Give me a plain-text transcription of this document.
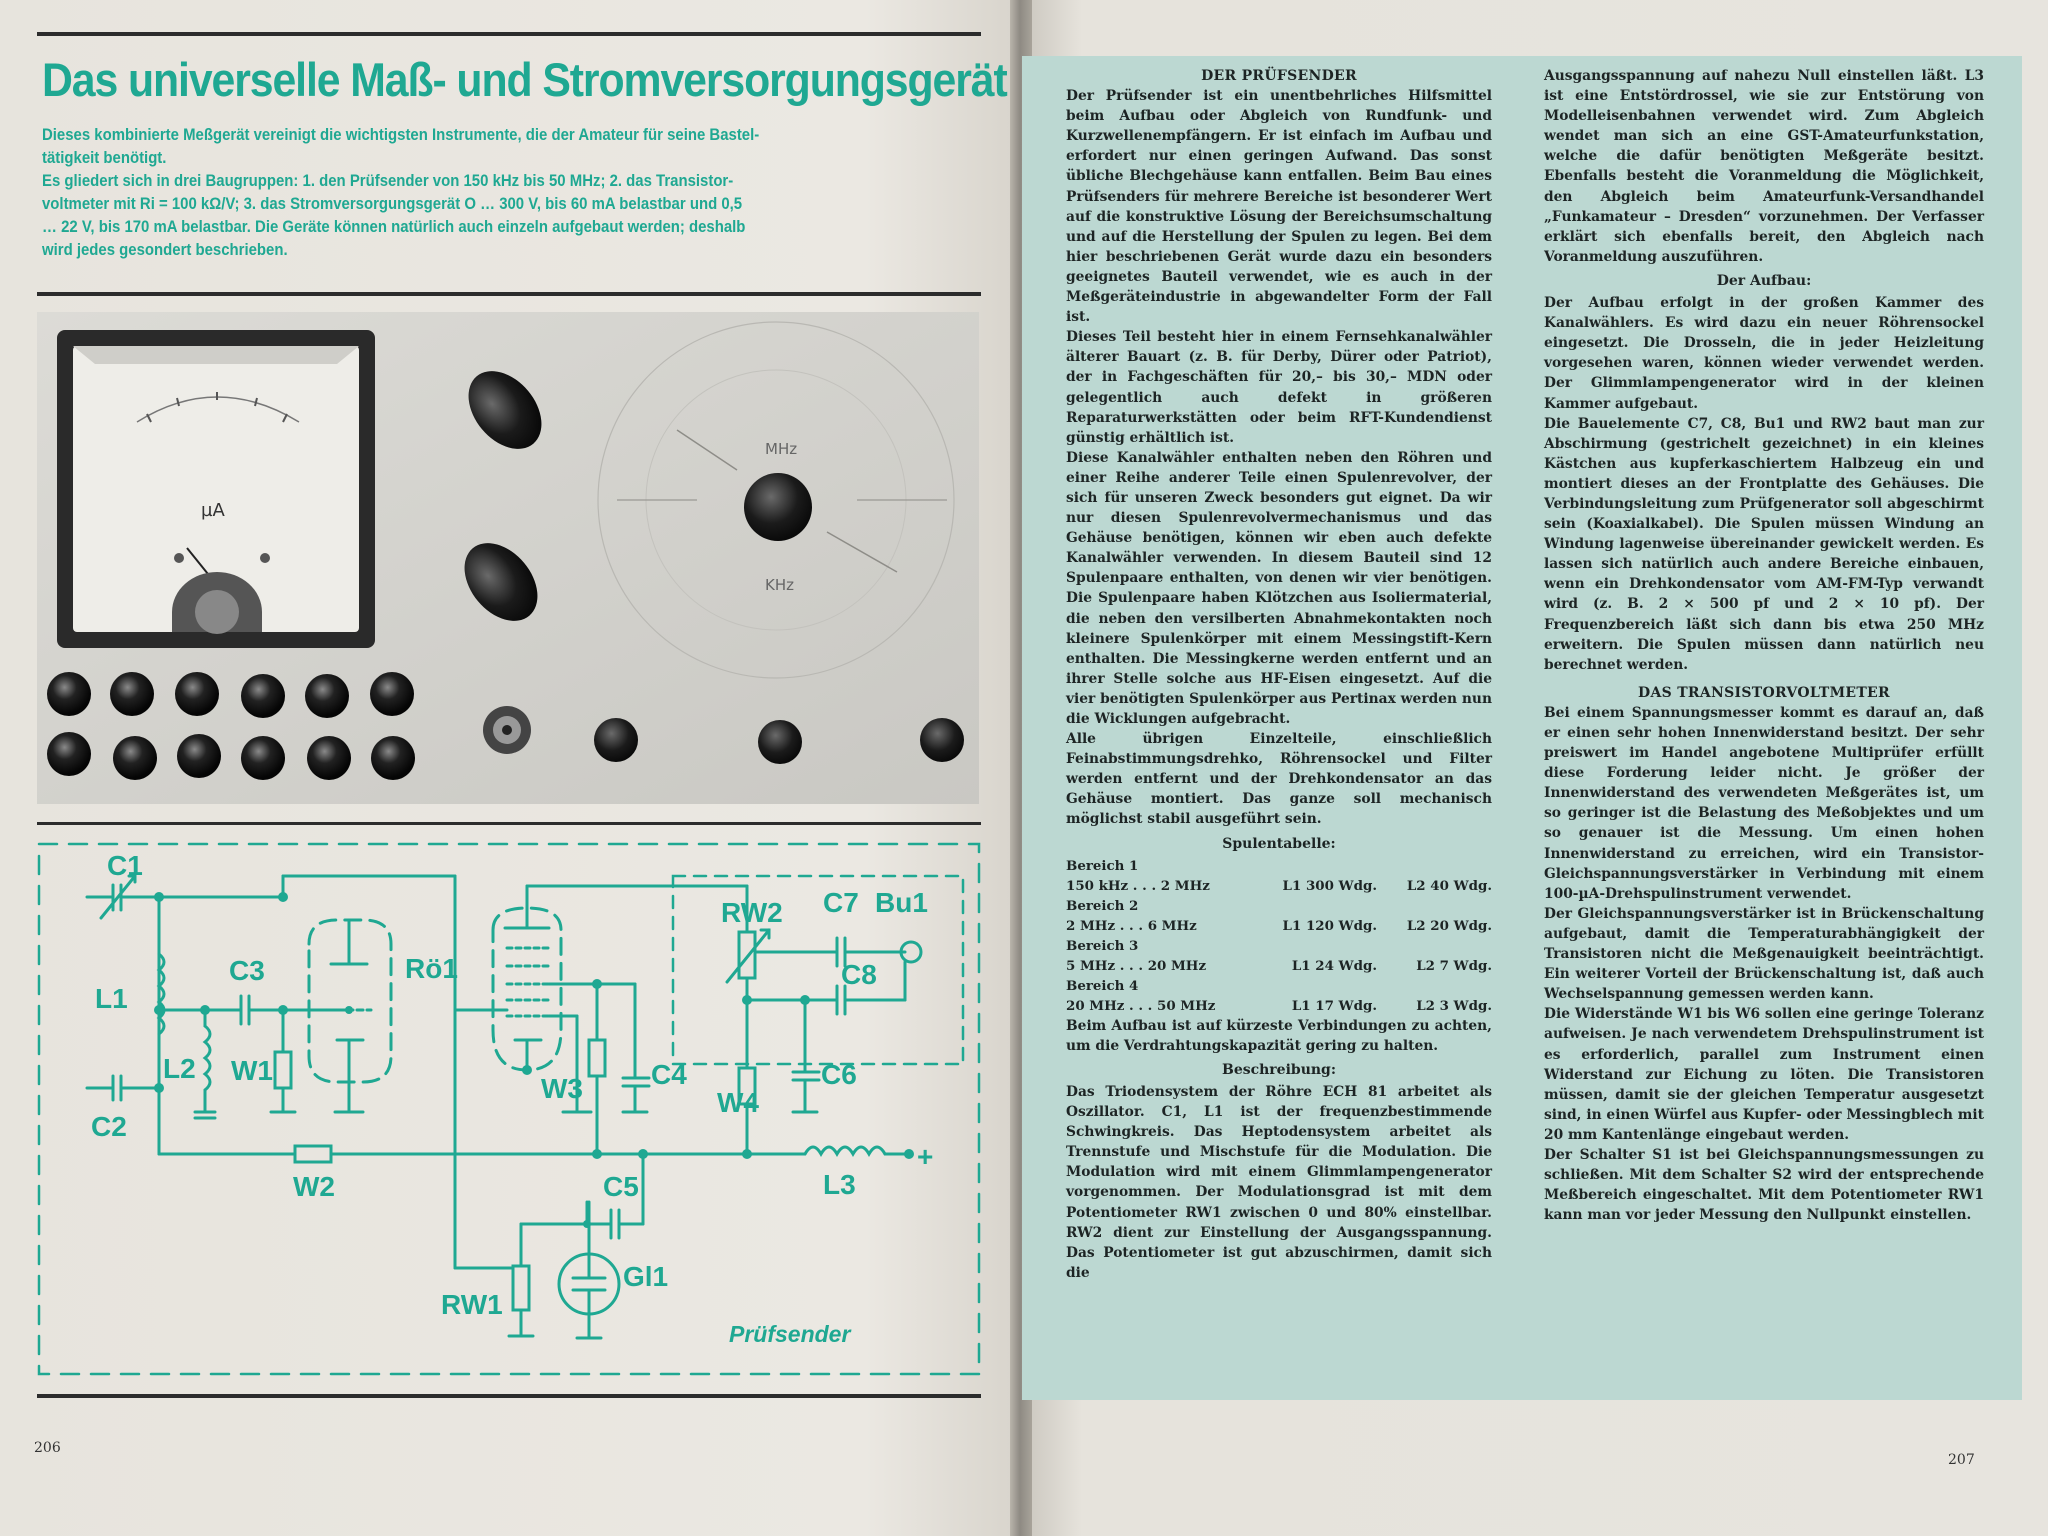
Das universelle Maß- und Stromversorgungsgerät

Dieses kombinierte Meßgerät vereinigt die wichtigsten Instrumente, die der Amateur für seine Bastel-

tätigkeit benötigt.

Es gliedert sich in drei Baugruppen: 1. den Prüfsender von 150 kHz bis 50 MHz; 2. das Transistor-

voltmeter mit Ri = 100 kΩ/V; 3. das Stromversorgungsgerät O … 300 V, bis 60 mA belastbar und 0,5

… 22 V, bis 170 mA belastbar. Die Geräte können natürlich auch einzeln aufgebaut werden; deshalb

wird jedes gesondert beschrieben.

µA
MHz
KHz
C1
L1
C2
C3
L2 W1
Rö1
W2
W3 C4
RW2 C7 Bu1
C8
C6
W4
C5
RW1
Gl1
L3
+
Prüfsender
206
DER PRÜFSENDER

Der Prüfsender ist ein unentbehrliches Hilfsmittel beim Aufbau oder Abgleich von Rundfunk- und Kurzwellenempfängern. Er ist einfach im Aufbau und erfordert nur einen geringen Aufwand. Das sonst übliche Blechgehäuse kann entfallen. Beim Bau eines Prüfsenders für mehrere Bereiche ist besonderer Wert auf die konstruktive Lösung der Bereichsumschaltung und auf die Herstellung der Spulen zu legen. Bei dem hier beschriebenen Gerät wurde dazu ein besonders geeignetes Bauteil verwendet, wie es auch in der Meßgeräteindustrie in abgewandelter Form der Fall ist.

Dieses Teil besteht hier in einem Fernsehkanalwähler älterer Bauart (z. B. für Derby, Dürer oder Patriot), der in Fachgeschäften für 20,– bis 30,– MDN oder gelegentlich auch defekt in größeren Reparaturwerkstätten oder beim RFT-Kundendienst günstig erhältlich ist.

Diese Kanalwähler enthalten neben den Röhren und einer Reihe anderer Teile einen Spulenrevolver, der sich für unseren Zweck besonders gut eignet. Da wir nur diesen Spulenrevolvermechanismus und das Gehäuse benötigen, können wir eben auch defekte Kanalwähler verwenden. In diesem Bauteil sind 12 Spulenpaare enthalten, von denen wir vier benötigen. Die Spulenpaare haben Klötzchen aus Isoliermaterial, die neben den versilberten Abnahmekontakten noch kleinere Spulenkörper mit einem Messingstift-Kern enthalten. Die Messingkerne werden entfernt und an ihrer Stelle solche aus HF-Eisen eingesetzt. Auf die vier benötigten Spulenkörper aus Pertinax werden nun die Wicklungen aufgebracht.

Alle übrigen Einzelteile, einschließlich Feinabstimmungsdrehko, Röhrensockel und Filter werden entfernt und der Drehkondensator an das Gehäuse montiert. Das ganze soll mechanisch möglichst stabil ausgeführt sein.

Spulentabelle:
Bereich 1		
150 kHz . . . 2 MHz	L1 300 Wdg.	L2 40 Wdg.
Bereich 2		
2 MHz . . . 6 MHz	L1 120 Wdg.	L2 20 Wdg.
Bereich 3		
5 MHz . . . 20 MHz	L1 24 Wdg.	L2 7 Wdg.
Bereich 4		
20 MHz . . . 50 MHz	L1 17 Wdg.	L2 3 Wdg.

Beim Aufbau ist auf kürzeste Verbindungen zu achten, um die Verdrahtungskapazität gering zu halten.

Beschreibung:

Das Triodensystem der Röhre ECH 81 arbeitet als Oszillator. C1, L1 ist der frequenzbestimmende Schwingkreis. Das Heptodensystem arbeitet als Trennstufe und Mischstufe für die Modulation. Die Modulation wird mit einem Glimmlampengenerator vorgenommen. Der Modulationsgrad ist mit dem Potentiometer RW1 zwischen 0 und 80% einstellbar. RW2 dient zur Einstellung der Ausgangsspannung. Das Potentiometer ist gut abzuschirmen, damit sich die

Ausgangsspannung auf nahezu Null einstellen läßt. L3 ist eine Entstördrossel, wie sie zur Entstörung von Modelleisenbahnen verwendet wird. Zum Abgleich wendet man sich an eine GST-Amateurfunkstation, welche die dafür benötigten Meßgeräte besitzt. Ebenfalls besteht die Voranmeldung die Möglichkeit, den Abgleich beim Amateurfunk-Versandhandel „Funkamateur – Dresden“ vorzunehmen. Der Verfasser erklärt sich ebenfalls bereit, den Abgleich nach Voranmeldung auszuführen.

Der Aufbau:

Der Aufbau erfolgt in der großen Kammer des Kanalwählers. Es wird dazu ein neuer Röhrensockel eingesetzt. Die Drosseln, die in jeder Heizleitung vorgesehen waren, können wieder verwendet werden. Der Glimmlampengenerator wird in der kleinen Kammer aufgebaut.

Die Bauelemente C7, C8, Bu1 und RW2 baut man zur Abschirmung (gestrichelt gezeichnet) in ein kleines Kästchen aus kupferkaschiertem Halbzeug ein und montiert dieses an der Frontplatte des Gehäuses. Die Verbindungsleitung zum Prüfgenerator soll abgeschirmt sein (Koaxialkabel). Die Spulen müssen Windung an Windung lagenweise übereinander gewickelt werden. Es lassen sich natürlich auch andere Bereiche einbauen, wenn ein Drehkondensator vom AM-FM-Typ verwandt wird (z. B. 2 × 500 pf und 2 × 10 pf). Der Frequenzbereich läßt sich dann bis etwa 250 MHz erweitern. Die Spulen müssen dann natürlich neu berechnet werden.

DAS TRANSISTORVOLTMETER

Bei einem Spannungsmesser kommt es darauf an, daß er einen sehr hohen Innenwiderstand besitzt. Der sehr preiswert im Handel angebotene Multiprüfer erfüllt diese Forderung leider nicht. Je größer der Innenwiderstand des verwendeten Meßgerätes ist, um so geringer ist die Belastung des Meßobjektes und um so genauer ist die Messung. Um einen hohen Innenwiderstand zu erreichen, wird ein Transistor-Gleichspannungsverstärker in Verbindung mit einem 100-µA-Drehspulinstrument verwendet.

Der Gleichspannungsverstärker ist in Brückenschaltung aufgebaut, damit die Temperaturabhängigkeit der Transistoren nicht die Meßgenauigkeit beeinträchtigt. Ein weiterer Vorteil der Brückenschaltung ist, daß auch Wechselspannung gemessen werden kann.

Die Widerstände W1 bis W6 sollen eine geringe Toleranz aufweisen. Je nach verwendetem Drehspulinstrument ist es erforderlich, parallel zum Instrument einen Widerstand zur Eichung zu löten. Die Transistoren müssen, damit sie der gleichen Temperatur ausgesetzt sind, in einen Würfel aus Kupfer- oder Messingblech mit 20 mm Kantenlänge eingebaut werden.

Der Schalter S1 ist bei Gleichspannungsmessungen zu schließen. Mit dem Schalter S2 wird der entsprechende Meßbereich eingeschaltet. Mit dem Potentiometer RW1 kann man vor jeder Messung den Nullpunkt einstellen.

207
